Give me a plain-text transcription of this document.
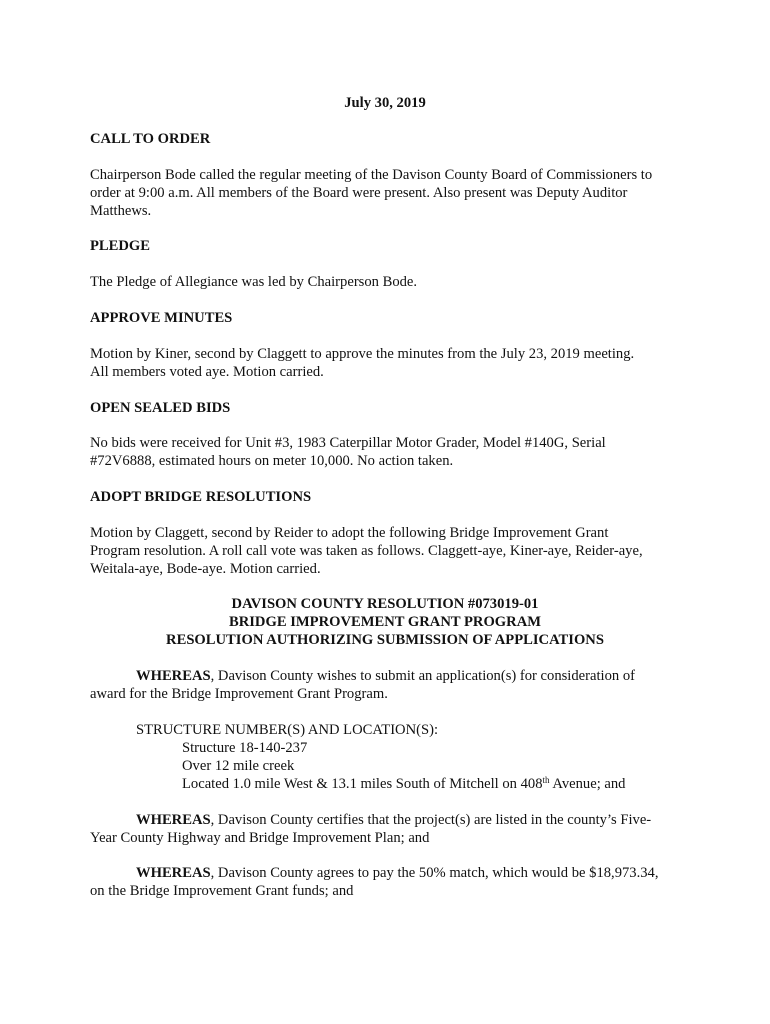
July 30, 2019
CALL TO ORDER
Chairperson Bode called the regular meeting of the Davison County Board of Commissioners to
order at 9:00 a.m. All members of the Board were present. Also present was Deputy Auditor
Matthews.
PLEDGE
The Pledge of Allegiance was led by Chairperson Bode.
APPROVE MINUTES
Motion by Kiner, second by Claggett to approve the minutes from the July 23, 2019 meeting.
All members voted aye. Motion carried.
OPEN SEALED BIDS
No bids were received for Unit #3, 1983 Caterpillar Motor Grader, Model #140G, Serial
#72V6888, estimated hours on meter 10,000. No action taken.
ADOPT BRIDGE RESOLUTIONS
Motion by Claggett, second by Reider to adopt the following Bridge Improvement Grant
Program resolution. A roll call vote was taken as follows. Claggett-aye, Kiner-aye, Reider-aye,
Weitala-aye, Bode-aye. Motion carried.
DAVISON COUNTY RESOLUTION #073019-01
BRIDGE IMPROVEMENT GRANT PROGRAM
RESOLUTION AUTHORIZING SUBMISSION OF APPLICATIONS
WHEREAS, Davison County wishes to submit an application(s) for consideration of
award for the Bridge Improvement Grant Program.
STRUCTURE NUMBER(S) AND LOCATION(S):
Structure 18-140-237
Over 12 mile creek
Located 1.0 mile West & 13.1 miles South of Mitchell on 408th Avenue; and
WHEREAS, Davison County certifies that the project(s) are listed in the county’s Five-
Year County Highway and Bridge Improvement Plan; and
WHEREAS, Davison County agrees to pay the 50% match, which would be $18,973.34,
on the Bridge Improvement Grant funds; and
